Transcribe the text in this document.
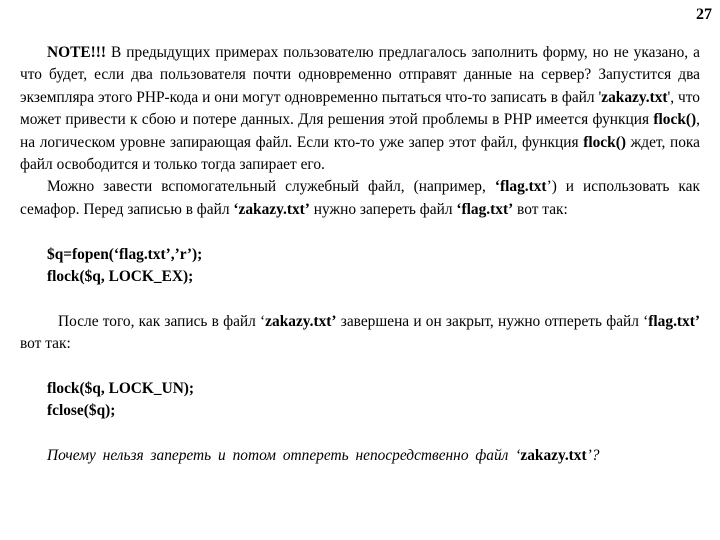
27

NOTE!!! В предыдущих примерах пользователю предлагалось заполнить форму, но не указано, а что будет, если два пользователя почти одновременно отправят данные на сервер? Запустится два экземпляра этого PHP-кода и они могут одновременно пытаться что-то записать в файл 'zakazy.txt', что может привести к сбою и потере данных. Для решения этой проблемы в PHP имеется функция flock(), на логическом уровне запирающая файл. Если кто-то уже запер этот файл, функция flock() ждет, пока файл освободится и только тогда запирает его.

Можно завести вспомогательный служебный файл, (например, ‘flag.txt’) и использовать как семафор. Перед записью в файл ‘zakazy.txt’ нужно запереть файл ‘flag.txt’ вот так:

$q=fopen(‘flag.txt’,’r’);

flock($q, LOCK_EX);

После того, как запись в файл ‘zakazy.txt’ завершена и он закрыт, нужно отпереть файл ‘flag.txt’ вот так:

flock($q, LOCK_UN);

fclose($q);

Почему нельзя запереть и потом отпереть непосредственно файл ‘zakazy.txt’?
